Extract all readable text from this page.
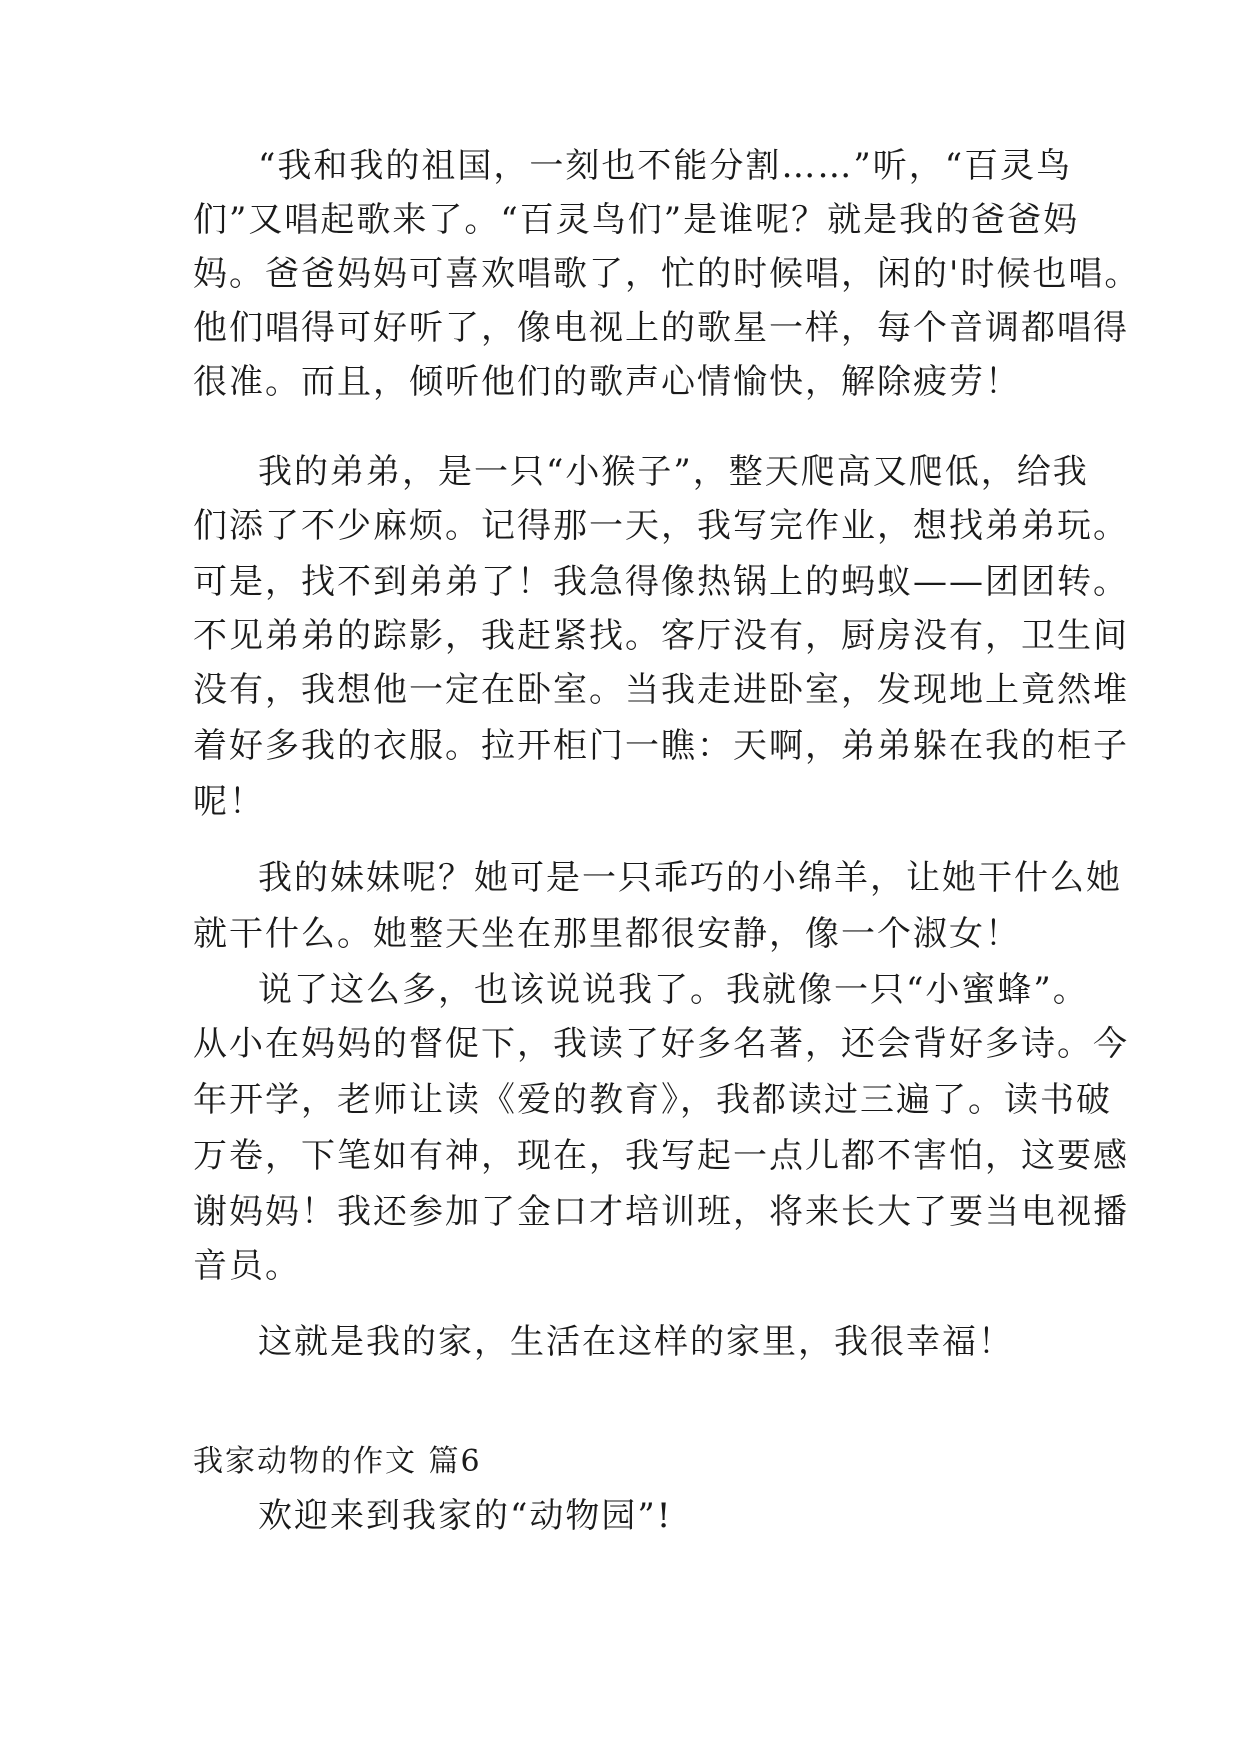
“我和我的祖国，一刻也不能分割……”听，“百灵鸟
们”又唱起歌来了。“百灵鸟们”是谁呢？就是我的爸爸妈
妈。爸爸妈妈可喜欢唱歌了，忙的时候唱，闲的'时候也唱。
他们唱得可好听了，像电视上的歌星一样，每个音调都唱得
很准。而且，倾听他们的歌声心情愉快，解除疲劳！
我的弟弟，是一只“小猴子”，整天爬高又爬低，给我
们添了不少麻烦。记得那一天，我写完作业，想找弟弟玩。
可是，找不到弟弟了！我急得像热锅上的蚂蚁——团团转。
不见弟弟的踪影，我赶紧找。客厅没有，厨房没有，卫生间
没有，我想他一定在卧室。当我走进卧室，发现地上竟然堆
着好多我的衣服。拉开柜门一瞧：天啊，弟弟躲在我的柜子
呢！
我的妹妹呢？她可是一只乖巧的小绵羊，让她干什么她
就干什么。她整天坐在那里都很安静，像一个淑女！
说了这么多，也该说说我了。我就像一只“小蜜蜂”。
从小在妈妈的督促下，我读了好多名著，还会背好多诗。今
年开学，老师让读《爱的教育》，我都读过三遍了。读书破
万卷，下笔如有神，现在，我写起一点儿都不害怕，这要感
谢妈妈！我还参加了金口才培训班，将来长大了要当电视播
音员。
这就是我的家，生活在这样的家里，我很幸福！
我家动物的作文 篇6
欢迎来到我家的“动物园”!
